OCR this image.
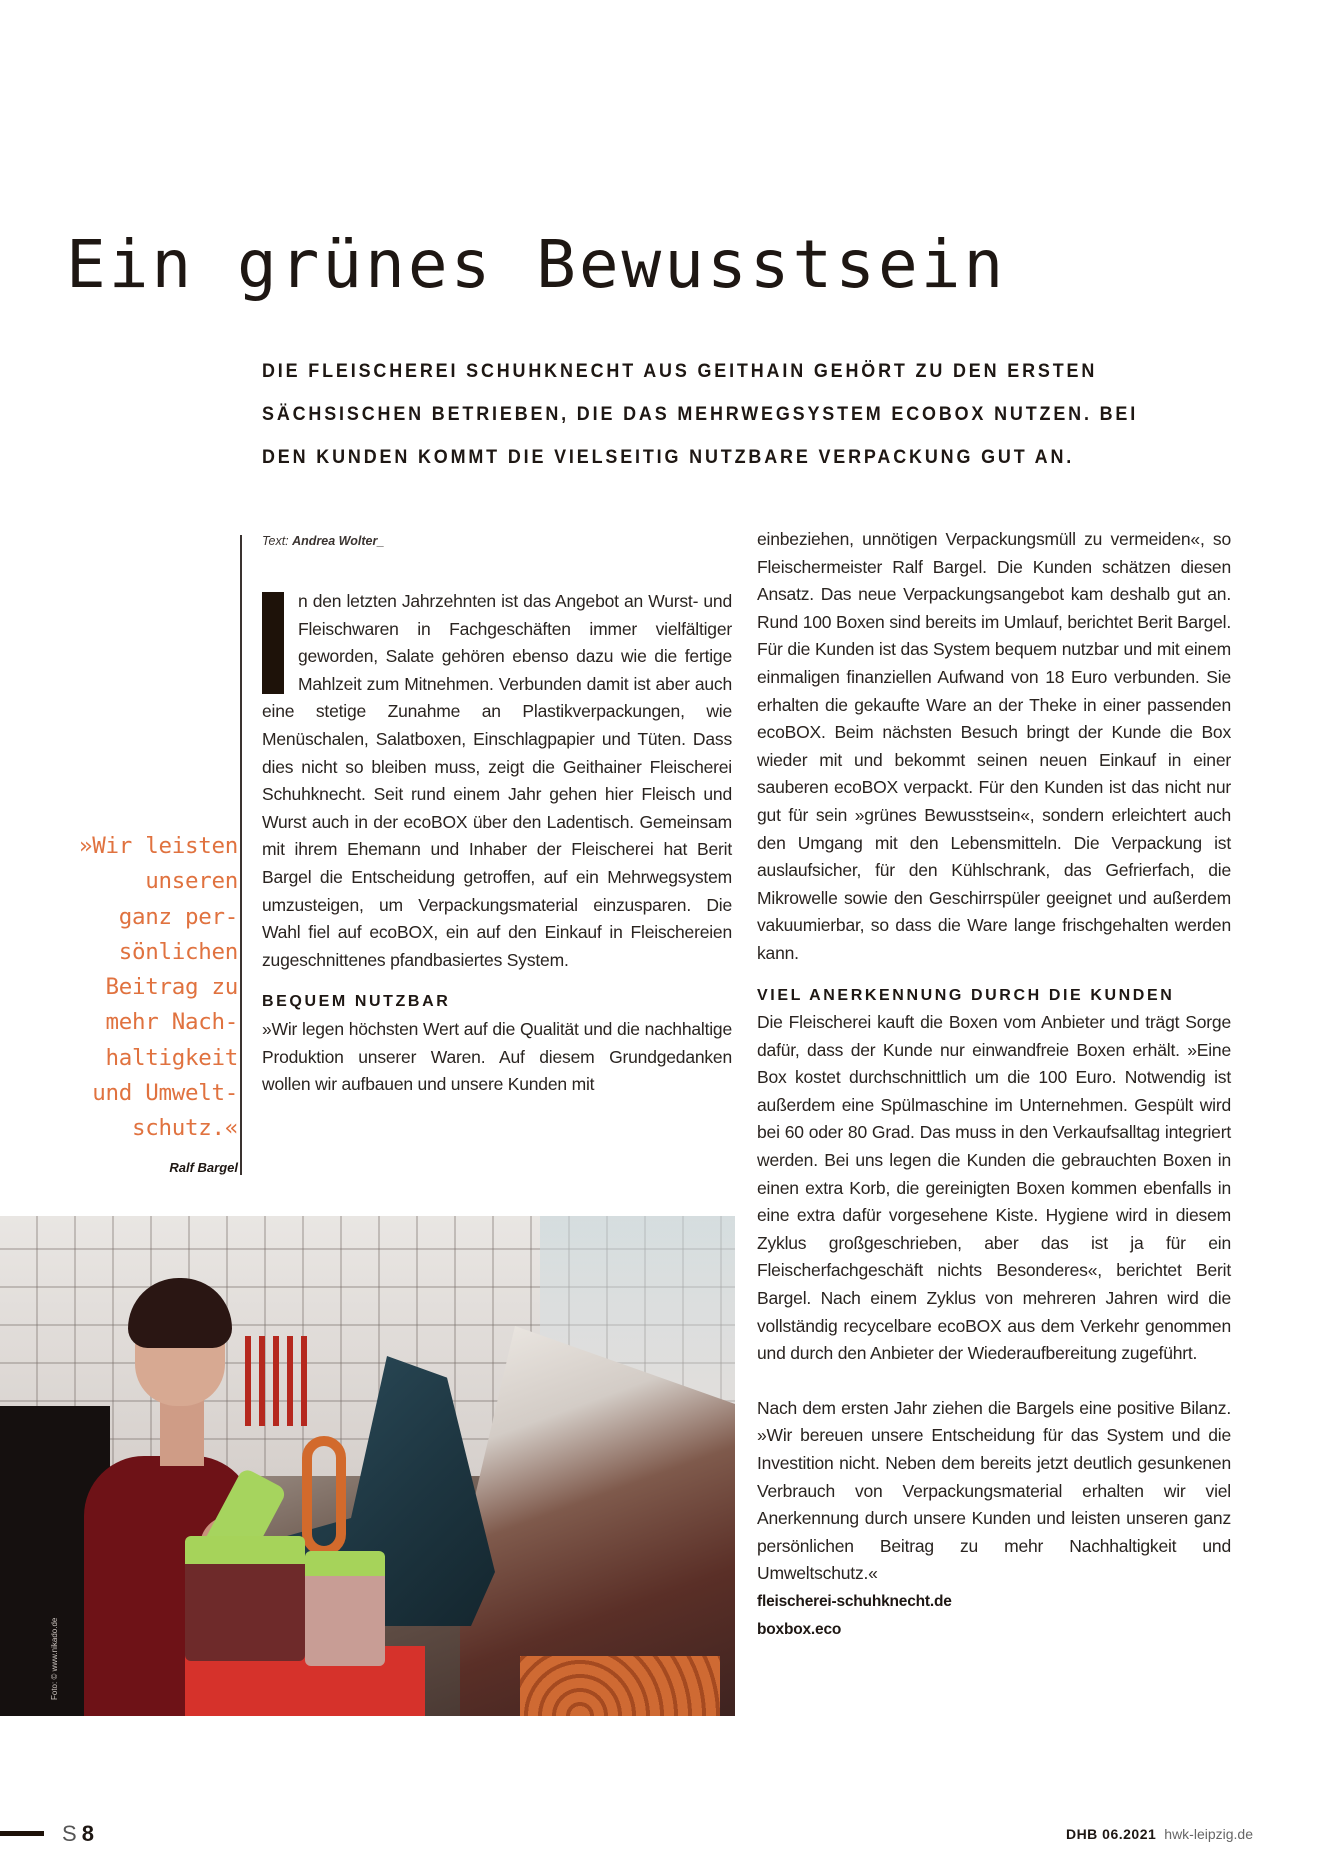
Ein grünes Bewusstsein

DIE FLEISCHEREI SCHUHKNECHT AUS GEITHAIN GEHÖRT ZU DEN ERSTEN SÄCHSISCHEN BETRIEBEN, DIE DAS MEHRWEGSYSTEM ECOBOX NUTZEN. BEI DEN KUNDEN KOMMT DIE VIELSEITIG NUTZBARE VERPACKUNG GUT AN.

Text: Andrea Wolter_

n den letzten Jahrzehnten ist das Angebot an Wurst- und Fleischwaren in Fachgeschäften immer vielfältiger geworden, Salate gehören ebenso dazu wie die fertige Mahlzeit zum Mitnehmen. Verbunden damit ist aber auch eine stetige Zunahme an Plastikverpackungen, wie Menüschalen, Salatboxen, Einschlagpapier und Tüten. Dass dies nicht so bleiben muss, zeigt die Geithainer Fleischerei Schuhknecht. Seit rund einem Jahr gehen hier Fleisch und Wurst auch in der ecoBOX über den Ladentisch. Gemeinsam mit ihrem Ehemann und Inhaber der Fleischerei hat Berit Bargel die Entscheidung getroffen, auf ein Mehrwegsystem umzusteigen, um Verpackungsmaterial einzusparen. Die Wahl fiel auf ecoBOX, ein auf den Einkauf in Fleischereien zugeschnittenes pfandbasiertes System.

BEQUEM NUTZBAR

»Wir legen höchsten Wert auf die Qualität und die nachhaltige Produktion unserer Waren. Auf diesem Grundgedanken wollen wir aufbauen und unsere Kunden mit

»Wir leisten
unseren
ganz per-
sönlichen
Beitrag zu
mehr Nach-
haltigkeit
und Umwelt-
schutz.«
Ralf Bargel

einbeziehen, unnötigen Verpackungsmüll zu vermeiden«, so Fleischermeister Ralf Bargel. Die Kunden schätzen diesen Ansatz. Das neue Verpackungsangebot kam deshalb gut an. Rund 100 Boxen sind bereits im Umlauf, berichtet Berit Bargel. Für die Kunden ist das System bequem nutzbar und mit einem einmaligen finanziellen Aufwand von 18 Euro verbunden. Sie erhalten die gekaufte Ware an der Theke in einer passenden ecoBOX. Beim nächsten Besuch bringt der Kunde die Box wieder mit und bekommt seinen neuen Einkauf in einer sauberen ecoBOX verpackt. Für den Kunden ist das nicht nur gut für sein »grünes Bewusstsein«, sondern erleichtert auch den Umgang mit den Lebensmitteln. Die Verpackung ist auslaufsicher, für den Kühlschrank, das Gefrierfach, die Mikrowelle sowie den Geschirrspüler geeignet und außerdem vakuumierbar, so dass die Ware lange frischgehalten werden kann.

VIEL ANERKENNUNG DURCH DIE KUNDEN

Die Fleischerei kauft die Boxen vom Anbieter und trägt Sorge dafür, dass der Kunde nur einwandfreie Boxen erhält. »Eine Box kostet durchschnittlich um die 100 Euro. Notwendig ist außerdem eine Spülmaschine im Unternehmen. Gespült wird bei 60 oder 80 Grad. Das muss in den Verkaufsalltag integriert werden. Bei uns legen die Kunden die gebrauchten Boxen in einen extra Korb, die gereinigten Boxen kommen ebenfalls in eine extra dafür vorgesehene Kiste. Hygiene wird in diesem Zyklus großgeschrieben, aber das ist ja für ein Fleischerfachgeschäft nichts Besonderes«, berichtet Berit Bargel. Nach einem Zyklus von mehreren Jahren wird die vollständig recycelbare ecoBOX aus dem Verkehr genommen und durch den Anbieter der Wiederaufbereitung zugeführt.

Nach dem ersten Jahr ziehen die Bargels eine positive Bilanz. »Wir bereuen unsere Entscheidung für das System und die Investition nicht. Neben dem bereits jetzt deutlich gesunkenen Verbrauch von Verpackungsmaterial erhalten wir viel Anerkennung durch unsere Kunden und leisten unseren ganz persönlichen Beitrag zu mehr Nachhaltigkeit und Umweltschutz.«

fleischerei-schuhknecht.de

boxbox.eco

Foto: © www.nikado.de
S 8	DHB 06.2021 hwk-leipzig.de
